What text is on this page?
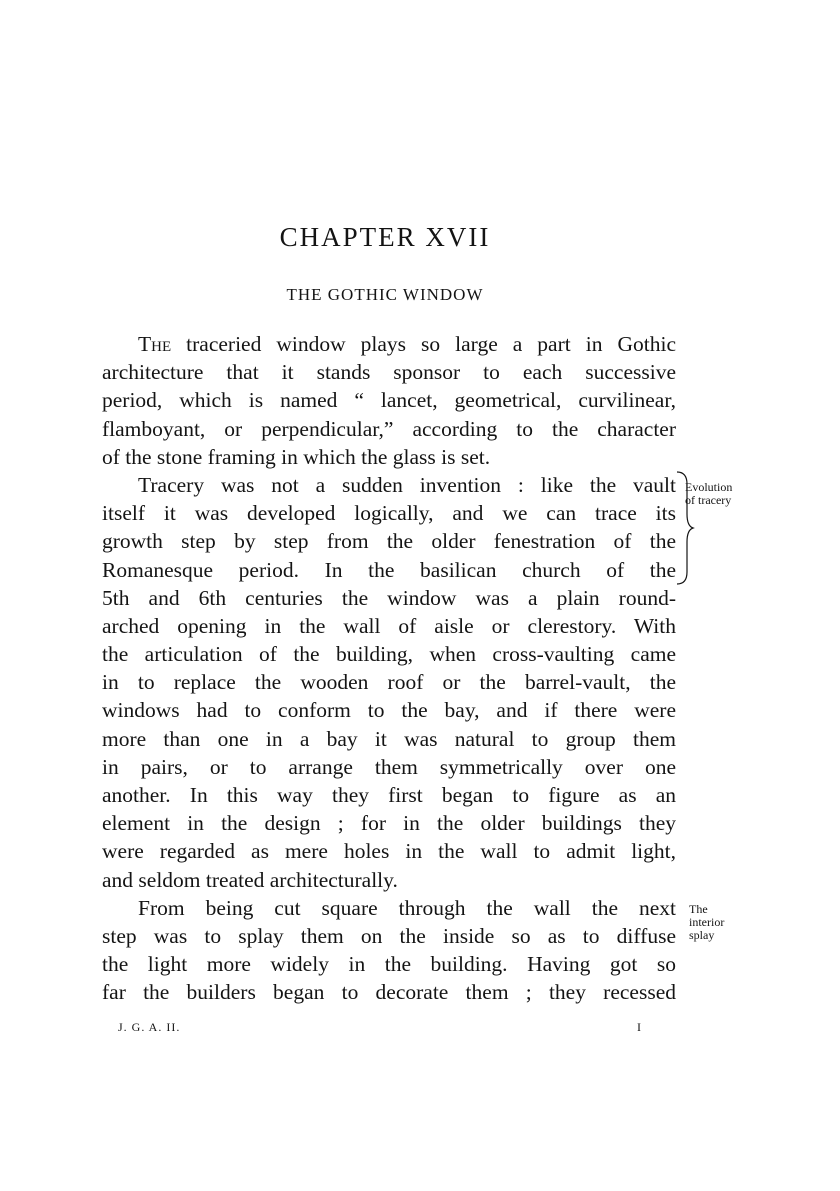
CHAPTER XVII
THE GOTHIC WINDOW
The traceried window plays so large a part in Gothic
architecture that it stands sponsor to each successive
period, which is named “ lancet, geometrical, curvilinear,
flamboyant, or perpendicular,” according to the character
of the stone framing in which the glass is set.
Tracery was not a sudden invention : like the vault
itself it was developed logically, and we can trace its
growth step by step from the older fenestration of the
Romanesque period. In the basilican church of the
5th and 6th centuries the window was a plain round-
arched opening in the wall of aisle or clerestory. With
the articulation of the building, when cross-vaulting came
in to replace the wooden roof or the barrel-vault, the
windows had to conform to the bay, and if there were
more than one in a bay it was natural to group them
in pairs, or to arrange them symmetrically over one
another. In this way they first began to figure as an
element in the design ; for in the older buildings they
were regarded as mere holes in the wall to admit light,
and seldom treated architecturally.
From being cut square through the wall the next
step was to splay them on the inside so as to diffuse
the light more widely in the building. Having got so
far the builders began to decorate them ; they recessed
Evolution
of tracery
The
interior
splay
J. G. A. II.	I
